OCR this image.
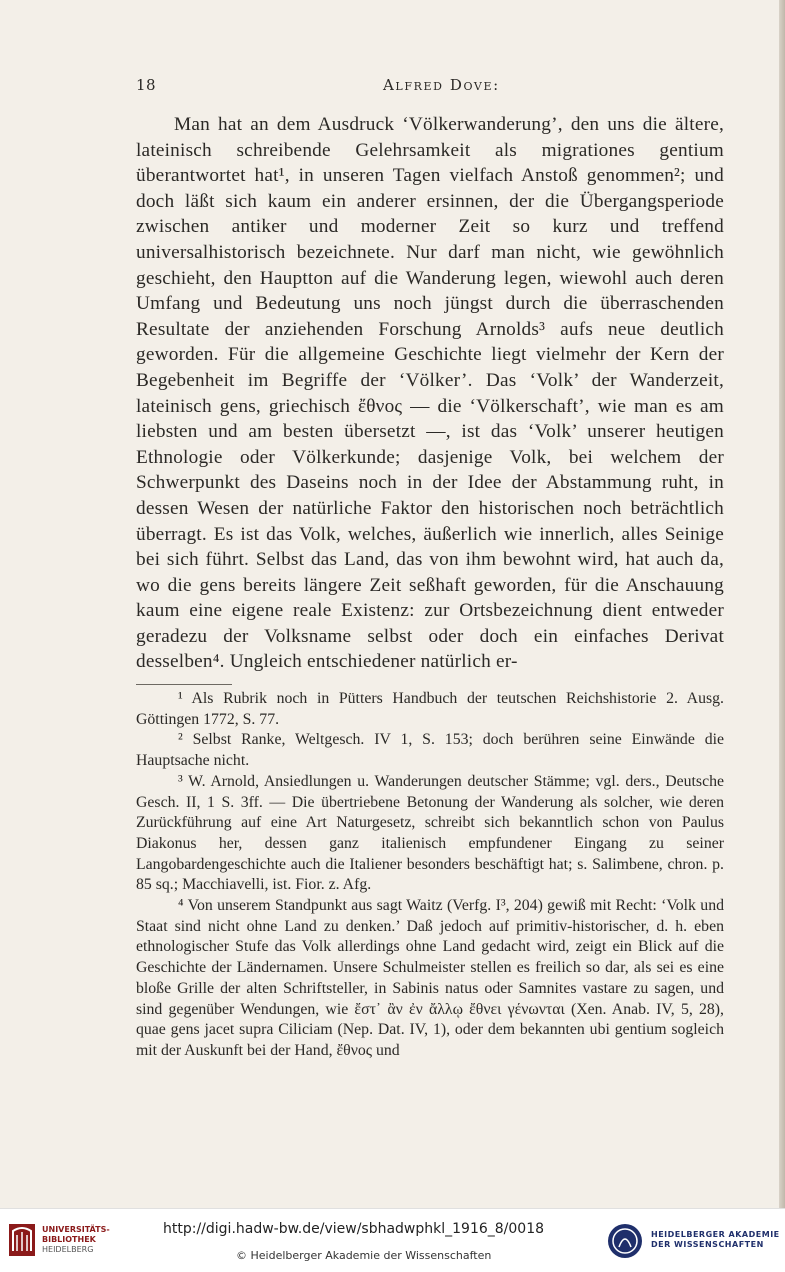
18	Alfred Dove:

Man hat an dem Ausdruck ‘Völkerwanderung’, den uns die ältere, lateinisch schreibende Gelehrsamkeit als migrationes gentium überantwortet hat¹, in unseren Tagen vielfach Anstoß genommen²; und doch läßt sich kaum ein anderer ersinnen, der die Übergangsperiode zwischen antiker und moderner Zeit so kurz und treffend universalhistorisch bezeichnete. Nur darf man nicht, wie gewöhnlich geschieht, den Hauptton auf die Wanderung legen, wiewohl auch deren Umfang und Bedeutung uns noch jüngst durch die überraschenden Resultate der anziehenden Forschung Arnolds³ aufs neue deutlich geworden. Für die allgemeine Geschichte liegt vielmehr der Kern der Begebenheit im Begriffe der ‘Völker’. Das ‘Volk’ der Wanderzeit, lateinisch gens, griechisch ἔθνος — die ‘Völkerschaft’, wie man es am liebsten und am besten übersetzt —, ist das ‘Volk’ unserer heutigen Ethnologie oder Völkerkunde; dasjenige Volk, bei welchem der Schwerpunkt des Daseins noch in der Idee der Abstammung ruht, in dessen Wesen der natürliche Faktor den historischen noch beträchtlich überragt. Es ist das Volk, welches, äußerlich wie innerlich, alles Seinige bei sich führt. Selbst das Land, das von ihm bewohnt wird, hat auch da, wo die gens bereits längere Zeit seßhaft geworden, für die Anschauung kaum eine eigene reale Existenz: zur Ortsbezeichnung dient entweder geradezu der Volksname selbst oder doch ein einfaches Derivat desselben⁴. Ungleich entschiedener natürlich er-

¹ Als Rubrik noch in Pütters Handbuch der teutschen Reichshistorie 2. Ausg. Göttingen 1772, S. 77.

² Selbst Ranke, Weltgesch. IV 1, S. 153; doch berühren seine Einwände die Hauptsache nicht.

³ W. Arnold, Ansiedlungen u. Wanderungen deutscher Stämme; vgl. ders., Deutsche Gesch. II, 1 S. 3ff. — Die übertriebene Betonung der Wanderung als solcher, wie deren Zurückführung auf eine Art Naturgesetz, schreibt sich bekanntlich schon von Paulus Diakonus her, dessen ganz italienisch empfundener Eingang zu seiner Langobardengeschichte auch die Italiener besonders beschäftigt hat; s. Salimbene, chron. p. 85 sq.; Macchiavelli, ist. Fior. z. Afg.

⁴ Von unserem Standpunkt aus sagt Waitz (Verfg. I³, 204) gewiß mit Recht: ‘Volk und Staat sind nicht ohne Land zu denken.’ Daß jedoch auf primitiv-historischer, d. h. eben ethnologischer Stufe das Volk allerdings ohne Land gedacht wird, zeigt ein Blick auf die Geschichte der Ländernamen. Unsere Schulmeister stellen es freilich so dar, als sei es eine bloße Grille der alten Schriftsteller, in Sabinis natus oder Samnites vastare zu sagen, und sind gegenüber Wendungen, wie ἔστ᾽ ἂν ἐν ἄλλῳ ἔθνει γένωνται (Xen. Anab. IV, 5, 28), quae gens jacet supra Ciliciam (Nep. Dat. IV, 1), oder dem bekannten ubi gentium sogleich mit der Auskunft bei der Hand, ἔθνος und

UNIVERSITÄTS-
BIBLIOTHEK
HEIDELBERG
http://digi.hadw-bw.de/view/sbhadwphkl_1916_8/0018
© Heidelberger Akademie der Wissenschaften
HEIDELBERGER AKADEMIE
DER WISSENSCHAFTEN
